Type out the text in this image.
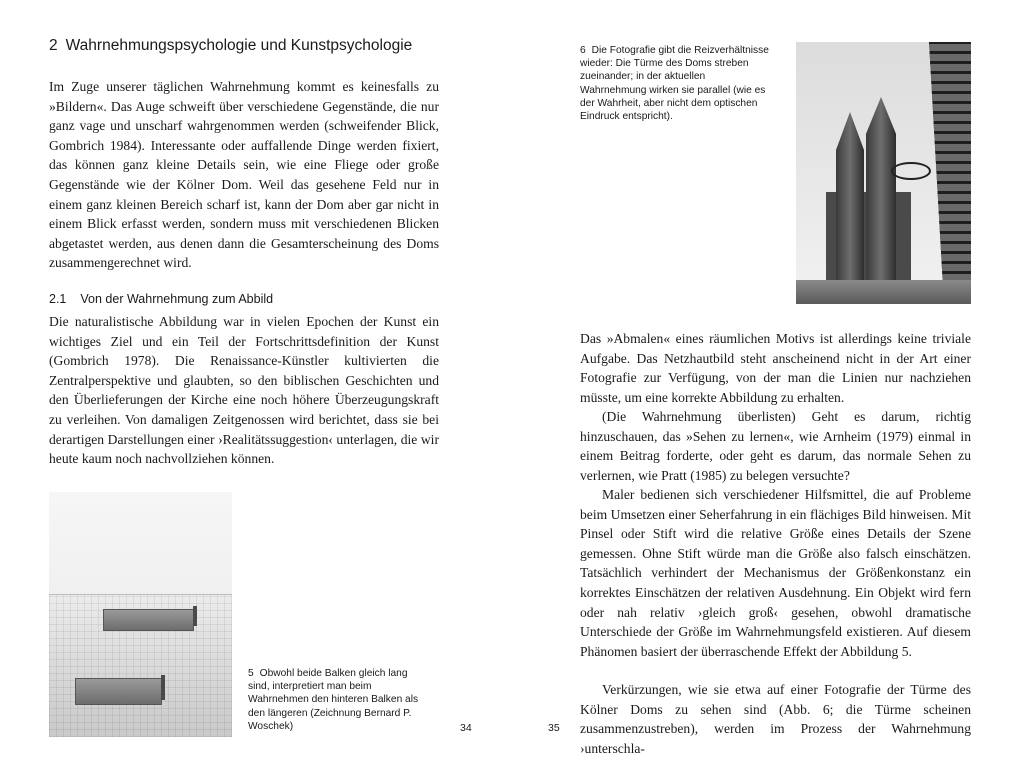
2 Wahrnehmungspsychologie und Kunstpsychologie

Im Zuge unserer täglichen Wahrnehmung kommt es keinesfalls zu »Bildern«. Das Auge schweift über verschiedene Gegenstände, die nur ganz vage und unscharf wahrgenommen werden (schweifender Blick, Gombrich 1984). Interessante oder auffallende Dinge werden fixiert, das können ganz kleine Details sein, wie eine Fliege oder große Gegenstände wie der Kölner Dom. Weil das gesehene Feld nur in einem ganz kleinen Bereich scharf ist, kann der Dom aber gar nicht in einem Blick erfasst werden, sondern muss mit verschiedenen Blicken abgetastet werden, aus denen dann die Gesamterscheinung des Doms zusammengerechnet wird.

2.1 Von der Wahrnehmung zum Abbild

Die naturalistische Abbildung war in vielen Epochen der Kunst ein wichtiges Ziel und ein Teil der Fortschrittsdefinition der Kunst (Gombrich 1978). Die Renaissance-Künstler kultivierten die Zentralperspektive und glaubten, so den biblischen Geschichten und den Überlieferungen der Kirche eine noch höhere Überzeugungskraft zu verleihen. Von damaligen Zeitgenossen wird berichtet, dass sie bei derartigen Darstellungen einer ›Realitätssuggestion‹ unterlagen, die wir heute kaum noch nachvollziehen können.

5 Obwohl beide Balken gleich lang sind, interpretiert man beim Wahrnehmen den hinteren Balken als den längeren (Zeichnung Bernard P. Woschek)	34

6 Die Fotografie gibt die Reizverhältnisse wieder: Die Türme des Doms streben zueinander; in der aktuellen Wahrnehmung wirken sie parallel (wie es der Wahrheit, aber nicht dem optischen Eindruck entspricht).

Das »Abmalen« eines räumlichen Motivs ist allerdings keine triviale Aufgabe. Das Netzhautbild steht anscheinend nicht in der Art einer Fotografie zur Verfügung, von der man die Linien nur nachziehen müsste, um eine korrekte Abbildung zu erhalten.

(Die Wahrnehmung überlisten) Geht es darum, richtig hinzuschauen, das »Sehen zu lernen«, wie Arnheim (1979) einmal in einem Beitrag forderte, oder geht es darum, das normale Sehen zu verlernen, wie Pratt (1985) zu belegen versuchte?

Maler bedienen sich verschiedener Hilfsmittel, die auf Probleme beim Umsetzen einer Seherfahrung in ein flächiges Bild hinweisen. Mit Pinsel oder Stift wird die relative Größe eines Details der Szene gemessen. Ohne Stift würde man die Größe also falsch einschätzen. Tatsächlich verhindert der Mechanismus der Größenkonstanz ein korrektes Einschätzen der relativen Ausdehnung. Ein Objekt wird fern oder nah relativ ›gleich groß‹ gesehen, obwohl dramatische Unterschiede der Größe im Wahrnehmungsfeld existieren. Auf diesem Phänomen basiert der überraschende Effekt der Abbildung 5.

Verkürzungen, wie sie etwa auf einer Fotografie der Türme des Kölner Doms zu sehen sind (Abb. 6; die Türme scheinen zusammenzustreben), werden im Prozess der Wahrnehmung ›unterschla-

35
